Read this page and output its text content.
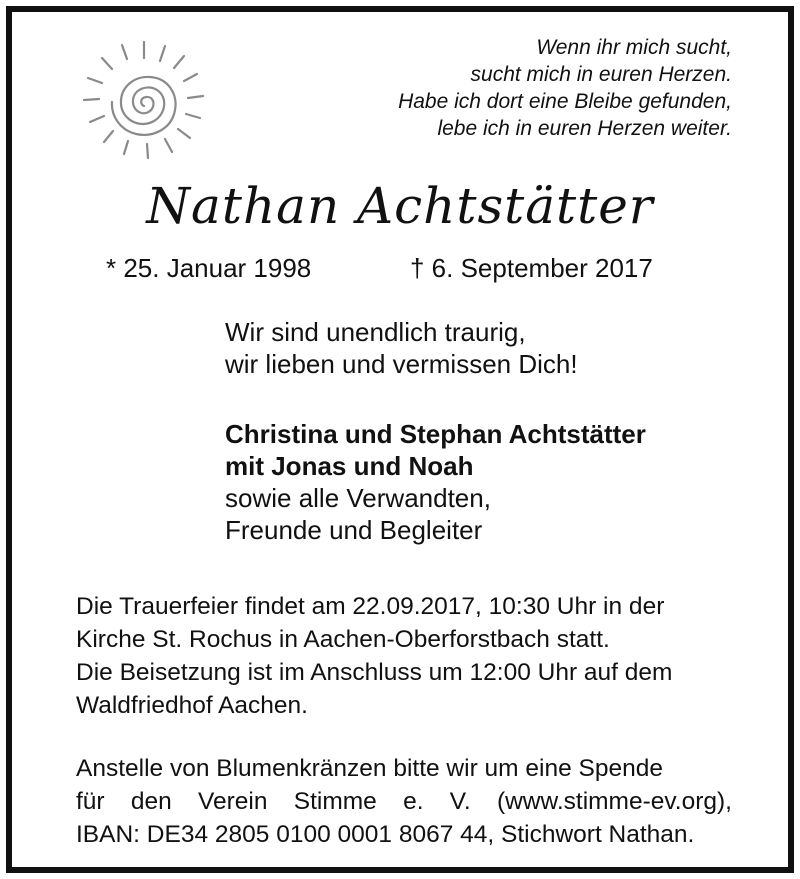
Wenn ihr mich sucht,
sucht mich in euren Herzen.
Habe ich dort eine Bleibe gefunden,
lebe ich in euren Herzen weiter.
Nathan Achtstätter
* 25. Januar 1998	† 6. September 2017
Wir sind unendlich traurig,
wir lieben und vermissen Dich!
Christina und Stephan Achtstätter
mit Jonas und Noah
sowie alle Verwandten,
Freunde und Begleiter
Die Trauerfeier findet am 22.09.2017, 10:30 Uhr in der
Kirche St. Rochus in Aachen-Oberforstbach statt.
Die Beisetzung ist im Anschluss um 12:00 Uhr auf dem
Waldfriedhof Aachen.
Anstelle von Blumenkränzen bitte wir um eine Spende
für den Verein Stimme e. V. (www.stimme-ev.org),
IBAN: DE34 2805 0100 0001 8067 44, Stichwort Nathan.
